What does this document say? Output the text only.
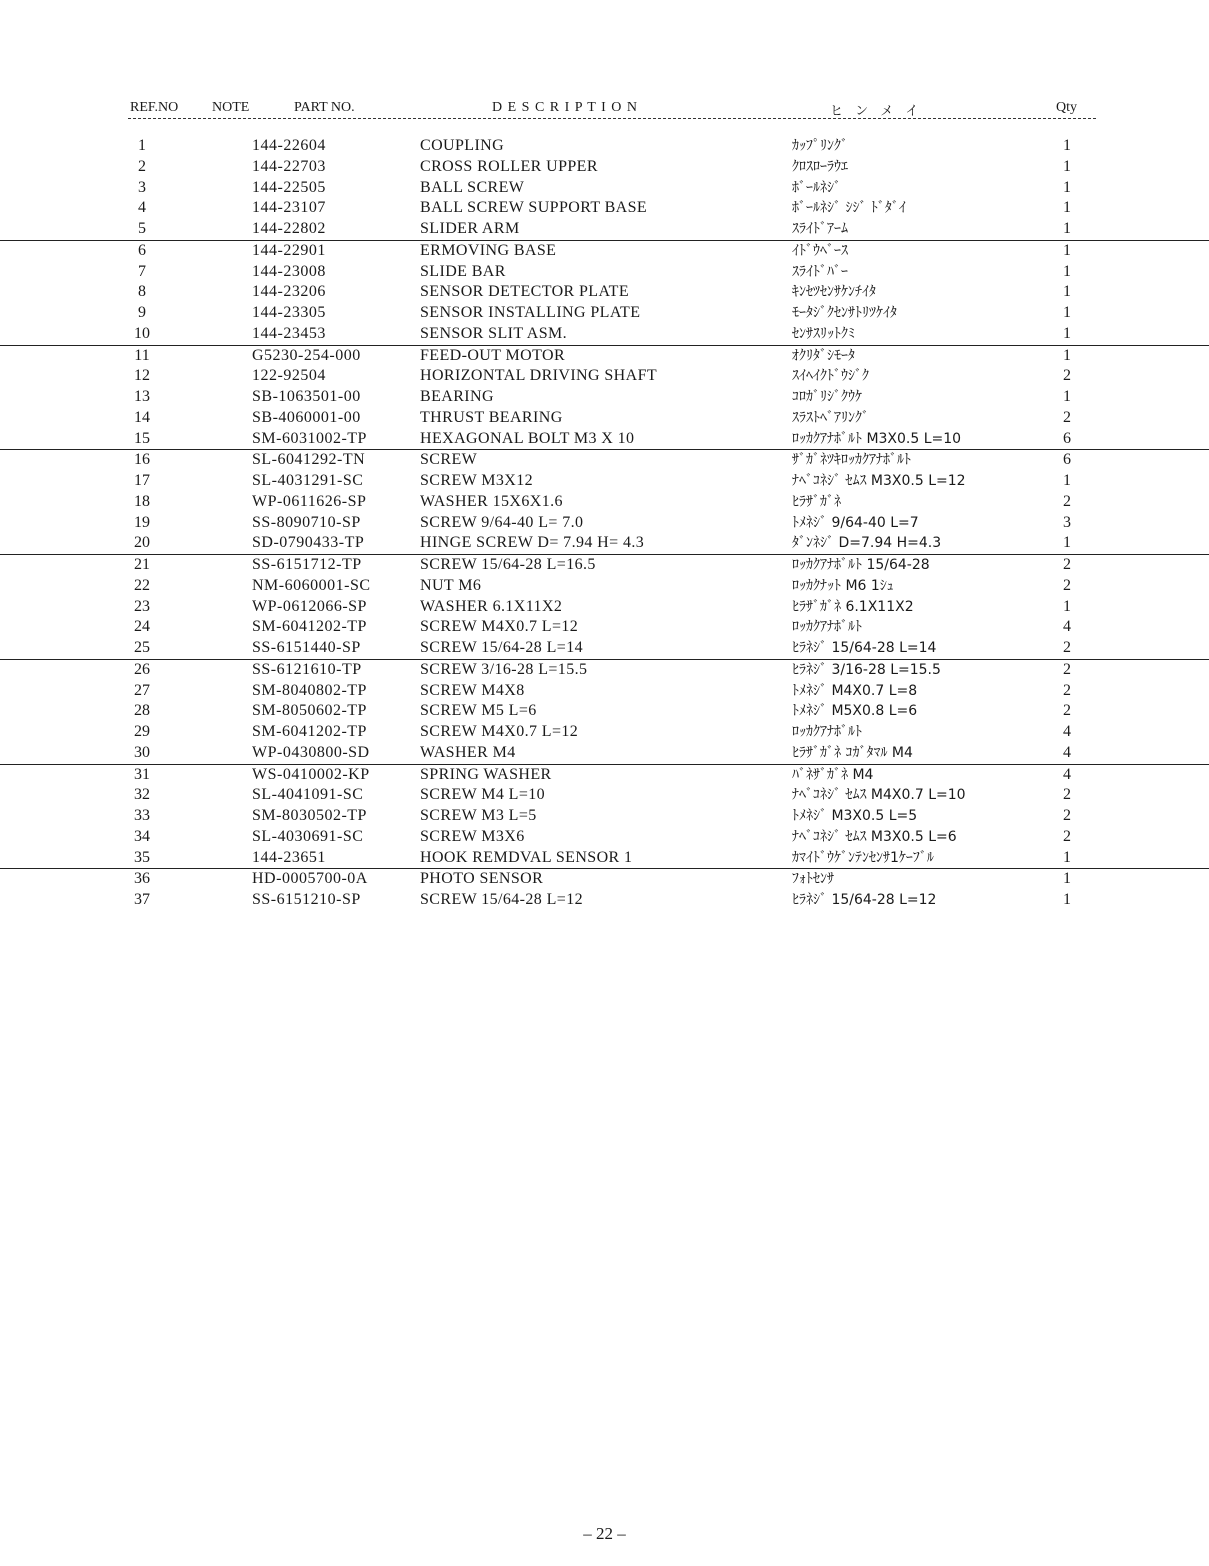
REF.NO NOTE	PART NO.	D E S C R I P T I O N	ヒ ン メ イ	Qty
1	144-22604	COUPLING	ｶｯﾌﾟﾘﾝｸﾞ	1
2	144-22703	CROSS ROLLER UPPER	ｸﾛｽﾛｰﾗｳｴ	1
3	144-22505	BALL SCREW	ﾎﾞｰﾙﾈｼﾞ	1
4	144-23107	BALL SCREW SUPPORT BASE	ﾎﾞｰﾙﾈｼﾞ ｼｼﾞ ﾄﾞﾀﾞｲ	1
5	144-22802	SLIDER ARM	ｽﾗｲﾄﾞｱｰﾑ	1
6	144-22901	ERMOVING BASE	ｲﾄﾞｳﾍﾞｰｽ	1
7	144-23008	SLIDE BAR	ｽﾗｲﾄﾞﾊﾞｰ	1
8	144-23206	SENSOR DETECTOR PLATE	ｷﾝｾﾂｾﾝｻｹﾝﾁｲﾀ	1
9	144-23305	SENSOR INSTALLING PLATE	ﾓｰﾀｼﾞｸｾﾝｻﾄﾘﾂｹｲﾀ	1
10	144-23453	SENSOR SLIT ASM.	ｾﾝｻｽﾘｯﾄｸﾐ	1
11	G5230-254-000	FEED-OUT MOTOR	ｵｸﾘﾀﾞｼﾓｰﾀ	1
12	122-92504	HORIZONTAL DRIVING SHAFT	ｽｲﾍｲｸﾄﾞｳｼﾞｸ	2
13	SB-1063501-00	BEARING	ｺﾛｶﾞﾘｼﾞｸｳｹ	1
14	SB-4060001-00	THRUST BEARING	ｽﾗｽﾄﾍﾞｱﾘﾝｸﾞ	2
15	SM-6031002-TP	HEXAGONAL BOLT M3 X 10	ﾛｯｶｸｱﾅﾎﾞﾙﾄ M3X0.5 L=10	6
16	SL-6041292-TN	SCREW	ｻﾞｶﾞﾈﾂｷﾛｯｶｸｱﾅﾎﾞﾙﾄ	6
17	SL-4031291-SC	SCREW M3X12	ﾅﾍﾞｺﾈｼﾞ ｾﾑｽ M3X0.5 L=12	1
18	WP-0611626-SP	WASHER 15X6X1.6	ﾋﾗｻﾞｶﾞﾈ	2
19	SS-8090710-SP	SCREW 9/64-40 L= 7.0	ﾄﾒﾈｼﾞ 9/64-40 L=7	3
20	SD-0790433-TP	HINGE SCREW D= 7.94 H= 4.3	ﾀﾞﾝﾈｼﾞ D=7.94 H=4.3	1
21	SS-6151712-TP	SCREW 15/64-28 L=16.5	ﾛｯｶｸｱﾅﾎﾞﾙﾄ 15/64-28	2
22	NM-6060001-SC	NUT M6	ﾛｯｶｸﾅｯﾄ M6 1ｼｭ	2
23	WP-0612066-SP	WASHER 6.1X11X2	ﾋﾗｻﾞｶﾞﾈ 6.1X11X2	1
24	SM-6041202-TP	SCREW M4X0.7 L=12	ﾛｯｶｸｱﾅﾎﾞﾙﾄ	4
25	SS-6151440-SP	SCREW 15/64-28 L=14	ﾋﾗﾈｼﾞ 15/64-28 L=14	2
26	SS-6121610-TP	SCREW 3/16-28 L=15.5	ﾋﾗﾈｼﾞ 3/16-28 L=15.5	2
27	SM-8040802-TP	SCREW M4X8	ﾄﾒﾈｼﾞ M4X0.7 L=8	2
28	SM-8050602-TP	SCREW M5 L=6	ﾄﾒﾈｼﾞ M5X0.8 L=6	2
29	SM-6041202-TP	SCREW M4X0.7 L=12	ﾛｯｶｸｱﾅﾎﾞﾙﾄ	4
30	WP-0430800-SD	WASHER M4	ﾋﾗｻﾞｶﾞﾈ ｺｶﾞﾀﾏﾙ M4	4
31	WS-0410002-KP	SPRING WASHER	ﾊﾞﾈｻﾞｶﾞﾈ M4	4
32	SL-4041091-SC	SCREW M4 L=10	ﾅﾍﾞｺﾈｼﾞ ｾﾑｽ M4X0.7 L=10	2
33	SM-8030502-TP	SCREW M3 L=5	ﾄﾒﾈｼﾞ M3X0.5 L=5	2
34	SL-4030691-SC	SCREW M3X6	ﾅﾍﾞｺﾈｼﾞ ｾﾑｽ M3X0.5 L=6	2
35	144-23651	HOOK REMDVAL SENSOR 1	ｶﾏｲﾄﾞｳｹﾞﾝﾃﾝｾﾝｻ1ｹｰﾌﾞﾙ	1
36	HD-0005700-0A	PHOTO SENSOR	ﾌｫﾄｾﾝｻ	1
37	SS-6151210-SP	SCREW 15/64-28 L=12	ﾋﾗﾈｼﾞ 15/64-28 L=12	1
– 22 –
